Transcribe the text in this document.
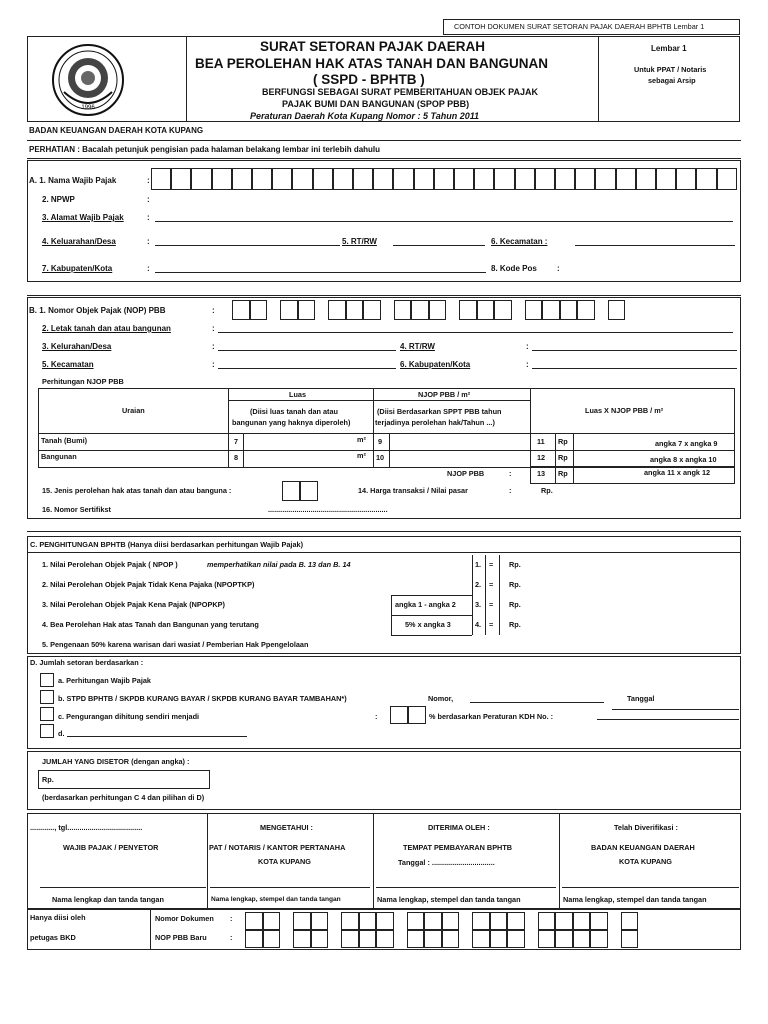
CONTOH DOKUMEN SURAT SETORAN PAJAK DAERAH BPHTB Lembar 1
1996
SURAT SETORAN PAJAK DAERAH
BEA PEROLEHAN HAK ATAS TANAH DAN BANGUNAN
( SSPD - BPHTB )
BERFUNGSI SEBAGAI SURAT PEMBERITAHUAN OBJEK PAJAK
PAJAK BUMI DAN BANGUNAN (SPOP PBB)
Peraturan Daerah Kota Kupang Nomor : 5 Tahun 2011
Lembar 1
Untuk PPAT / Notaris
sebagai Arsip
BADAN KEUANGAN DAERAH KOTA KUPANG
PERHATIAN : Bacalah petunjuk pengisian pada halaman belakang lembar ini terlebih dahulu
A. 1. Nama Wajib Pajak	:
2. NPWP	:
3. Alamat Wajib Pajak	:
4. Keluarahan/Desa	:	5. RT/RW	6. Kecamatan :
7. Kabupaten/Kota	:	8. Kode Pos	:
B. 1. Nomor Objek Pajak (NOP) PBB	:
2. Letak tanah dan atau bangunan	:
3. Kelurahan/Desa	:	4. RT/RW	:
5. Kecamatan	:	6. Kabupaten/Kota	:
Perhitungan NJOP PBB
Uraian
Luas
(Diisi luas tanah dan atau
bangunan yang haknya diperoleh)
NJOP PBB / m²
(Diisi Berdasarkan SPPT PBB tahun
terjadinya perolehan hak/Tahun ...)
Luas X NJOP PBB / m²
Tanah (Bumi)	7	m² 9	11 Rp	angka 7 x angka 9
Bangunan	8	m² 10	12 Rp	angka 8 x angka 10
NJOP PBB	:	13 Rp	angka 11 x angk 12
15. Jenis perolehan hak atas tanah dan atau banguna :	14. Harga transaksi / Nilai pasar	:	Rp.
16. Nomor Sertifikst	...........................................................
C. PENGHITUNGAN BPHTB (Hanya diisi berdasarkan perhitungan Wajib Pajak)
1. Nilai Perolehan Objek Pajak ( NPOP )	memperhatikan nilai pada B. 13 dan B. 14
2. Nilai Perolehan Objek Pajak Tidak Kena Pajaka (NPOPTKP)
3. Nilai Perolehan Objek Pajak Kena Pajak (NPOPKP)	angka 1 - angka 2
4. Bea Perolehan Hak atas Tanah dan Bangunan yang terutang	5% x angka 3
5. Pengenaan 50% karena warisan dari wasiat / Pemberian Hak Ppengelolaan
1. = Rp.
2. = Rp.
3. = Rp.
4. = Rp.
D. Jumlah setoran berdasarkan :
a. Perhitungan Wajib Pajak
b. STPD BPHTB / SKPDB KURANG BAYAR / SKPDB KURANG BAYAR TAMBAHAN*)	Nomor,	Tanggal
c. Pengurangan dihitung sendiri menjadi	:	% berdasarkan Peraturan KDH No. :
d.
JUMLAH YANG DISETOR (dengan angka) :
Rp.
(berdasarkan perhitungan C 4 dan pilihan di D)
............, tgl.....................................	MENGETAHUI :	DITERIMA OLEH :	Telah Diverifikasi :
WAJIB PAJAK / PENYETOR	PAT / NOTARIS / KANTOR PERTANAHA
KOTA KUPANG
TEMPAT PEMBAYARAN BPHTB
Tanggal : ...............................
BADAN KEUANGAN DAERAH
KOTA KUPANG
Nama lengkap dan tanda tangan	Nama lengkap, stempel dan tanda tangan	Nama lengkap, stempel dan tanda tangan	Nama lengkap, stempel dan tanda tangan
Hanya diisi oleh
petugas BKD
Nomor Dokumen :
NOP PBB Baru	:
